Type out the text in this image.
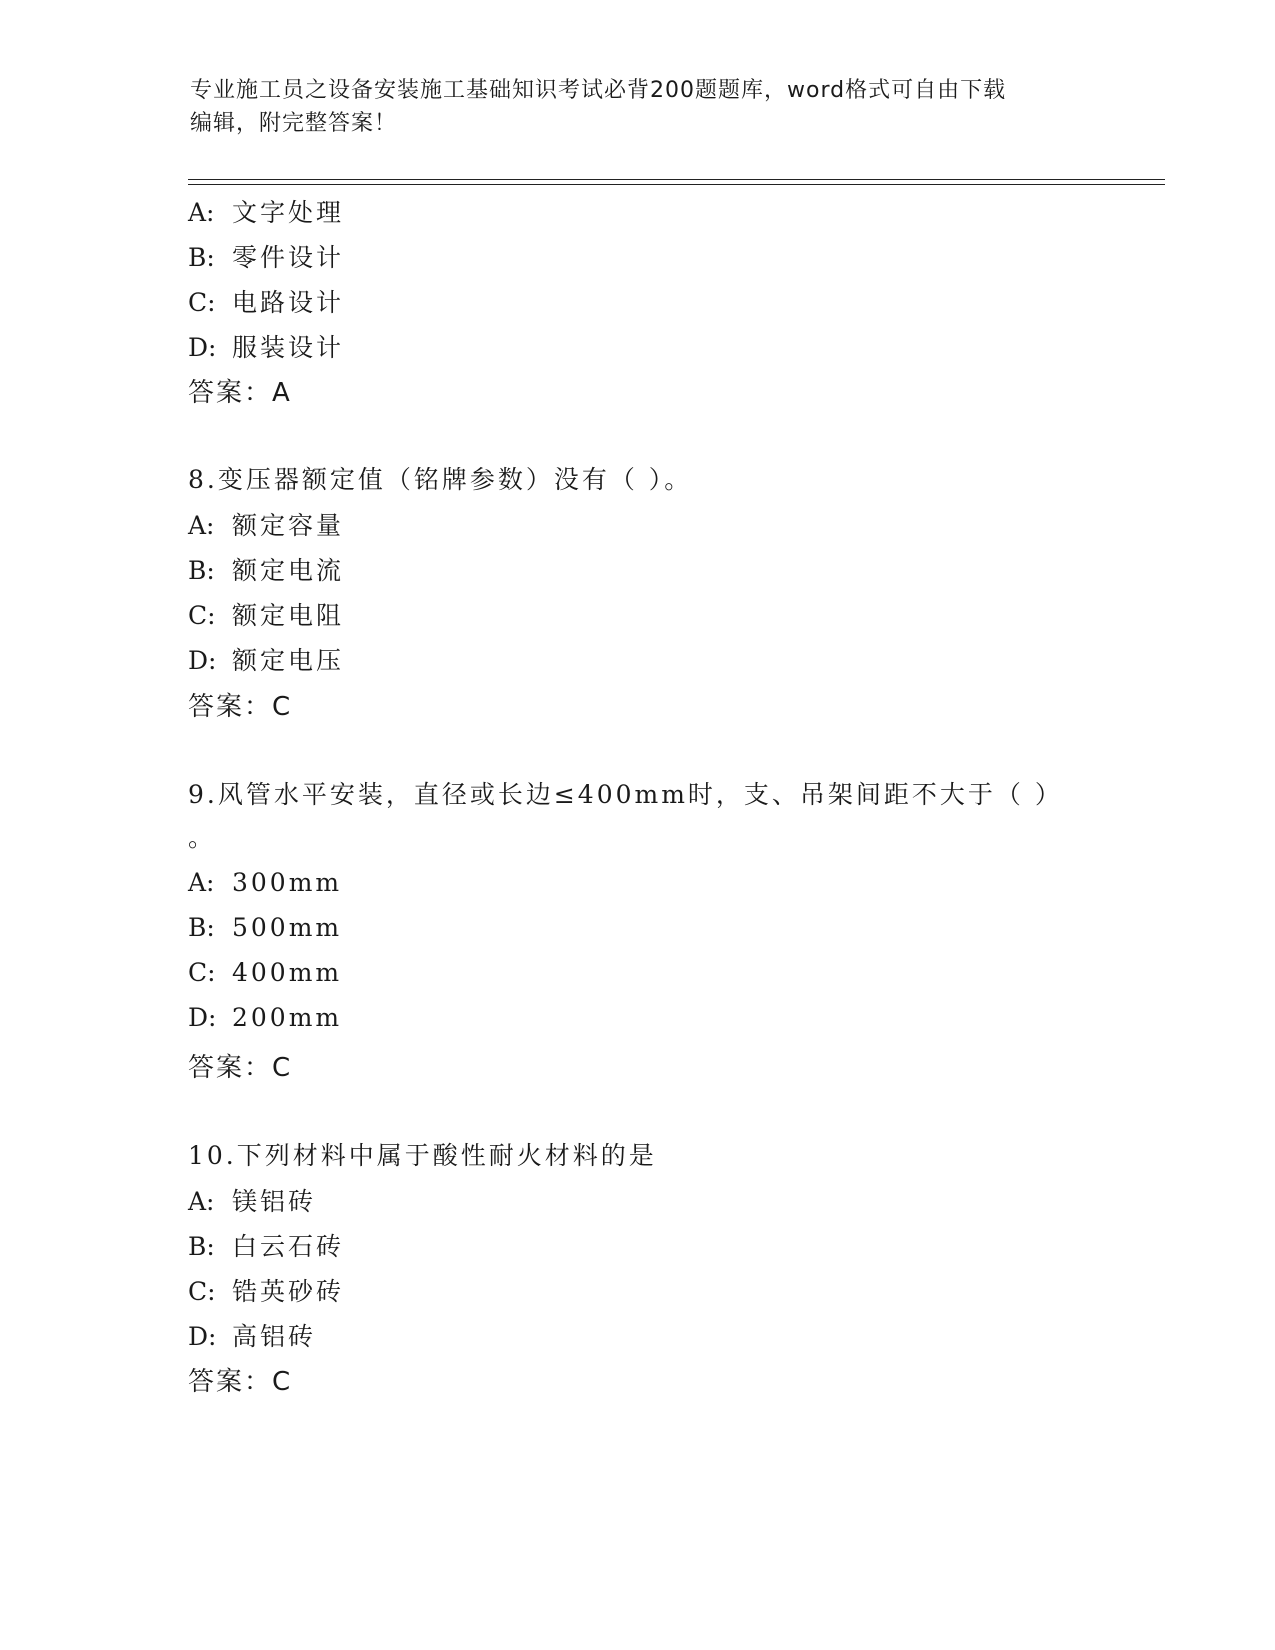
专业施工员之设备安装施工基础知识考试必背200题题库，word格式可自由下载
编辑，附完整答案！
A: 文字处理
B: 零件设计
C: 电路设计
D: 服装设计
答案：A
8.变压器额定值（铭牌参数）没有（ ）。
A: 额定容量
B: 额定电流
C: 额定电阻
D: 额定电压
答案：C
9.风管水平安装，直径或长边≤400mm时，支、吊架间距不大于（ ）
。
A: 300mm
B: 500mm
C: 400mm
D: 200mm
答案：C
10.下列材料中属于酸性耐火材料的是
A: 镁铝砖
B: 白云石砖
C: 锆英砂砖
D: 高铝砖
答案：C
